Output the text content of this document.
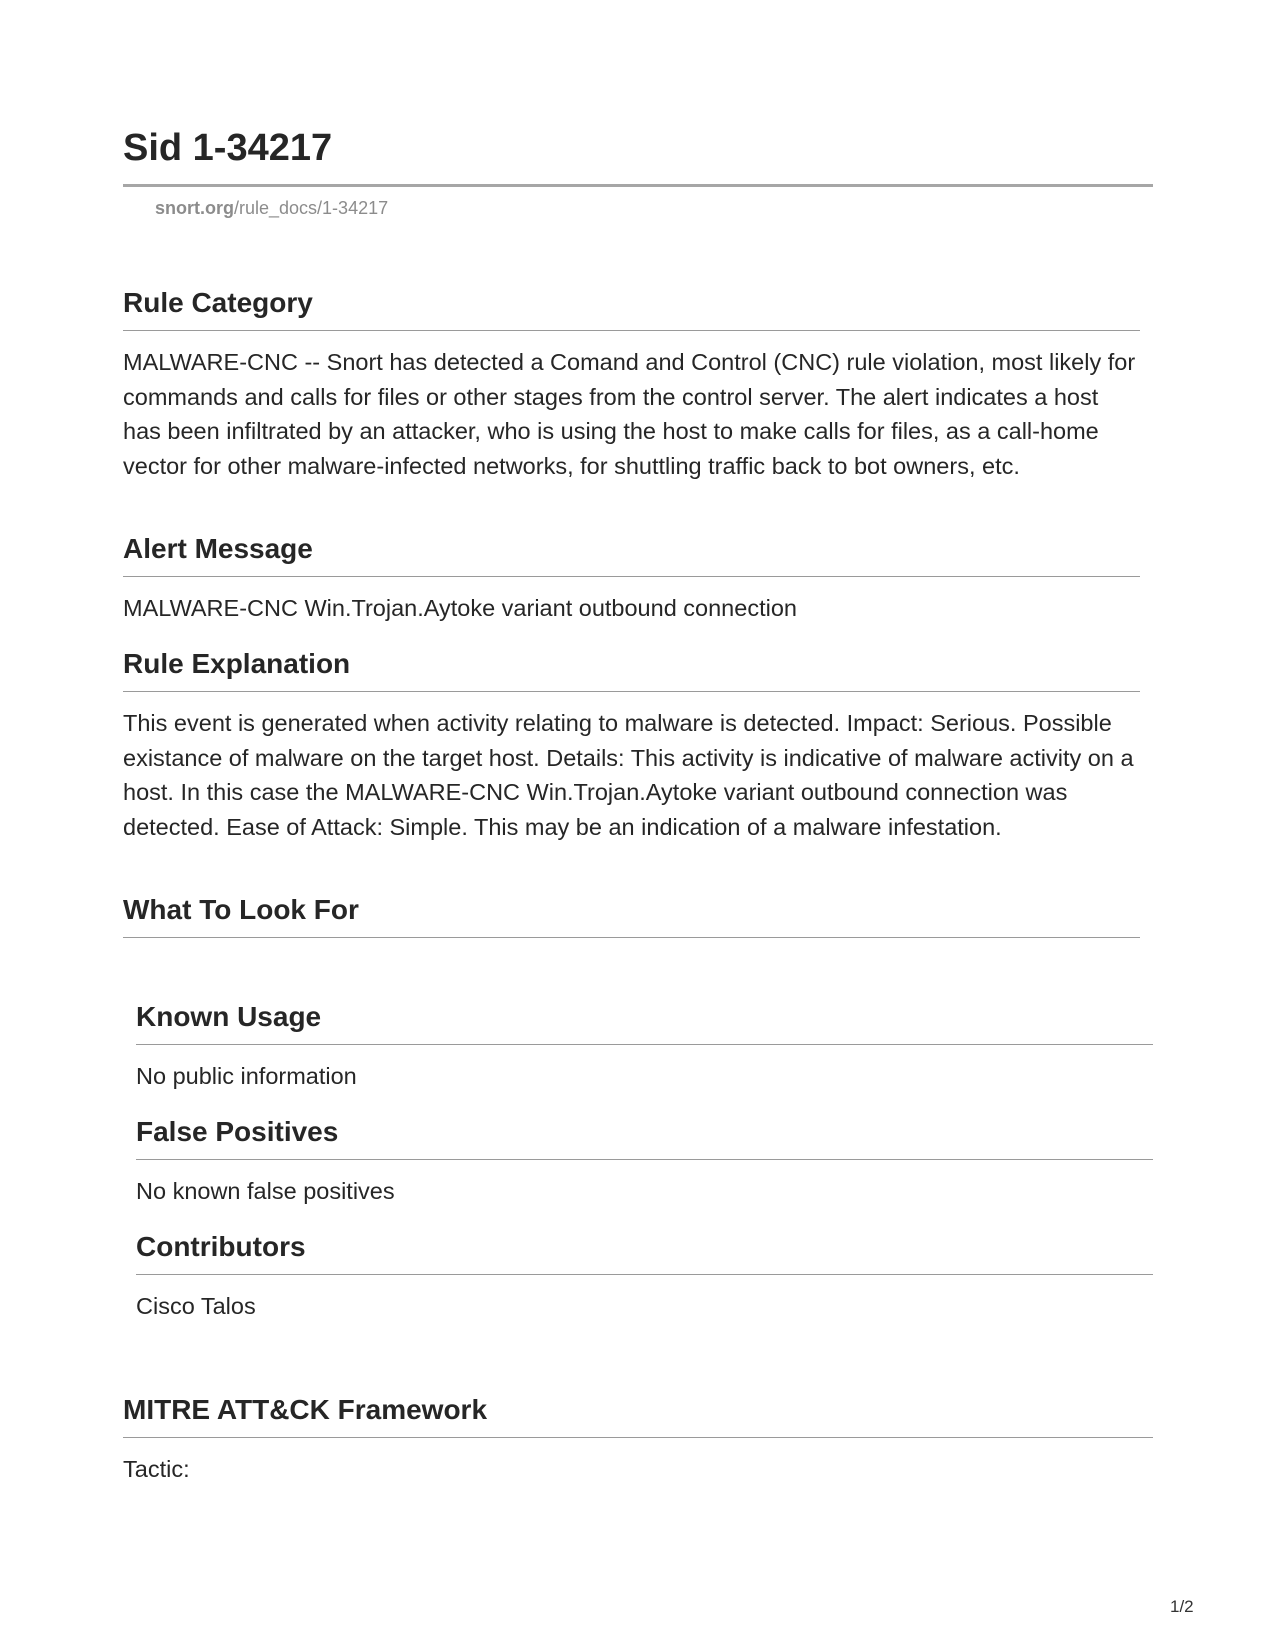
Sid 1-34217
snort.org/rule_docs/1-34217
Rule Category

MALWARE-CNC -- Snort has detected a Comand and Control (CNC) rule violation, most likely for commands and calls for files or other stages from the control server. The alert indicates a host has been infiltrated by an attacker, who is using the host to make calls for files, as a call-home vector for other malware-infected networks, for shuttling traffic back to bot owners, etc.

Alert Message

MALWARE-CNC Win.Trojan.Aytoke variant outbound connection

Rule Explanation

This event is generated when activity relating to malware is detected. Impact: Serious. Possible existance of malware on the target host. Details: This activity is indicative of malware activity on a host. In this case the MALWARE-CNC Win.Trojan.Aytoke variant outbound connection was detected. Ease of Attack: Simple. This may be an indication of a malware infestation.

What To Look For
Known Usage

No public information

False Positives

No known false positives

Contributors

Cisco Talos

MITRE ATT&CK Framework

Tactic:

1/2
